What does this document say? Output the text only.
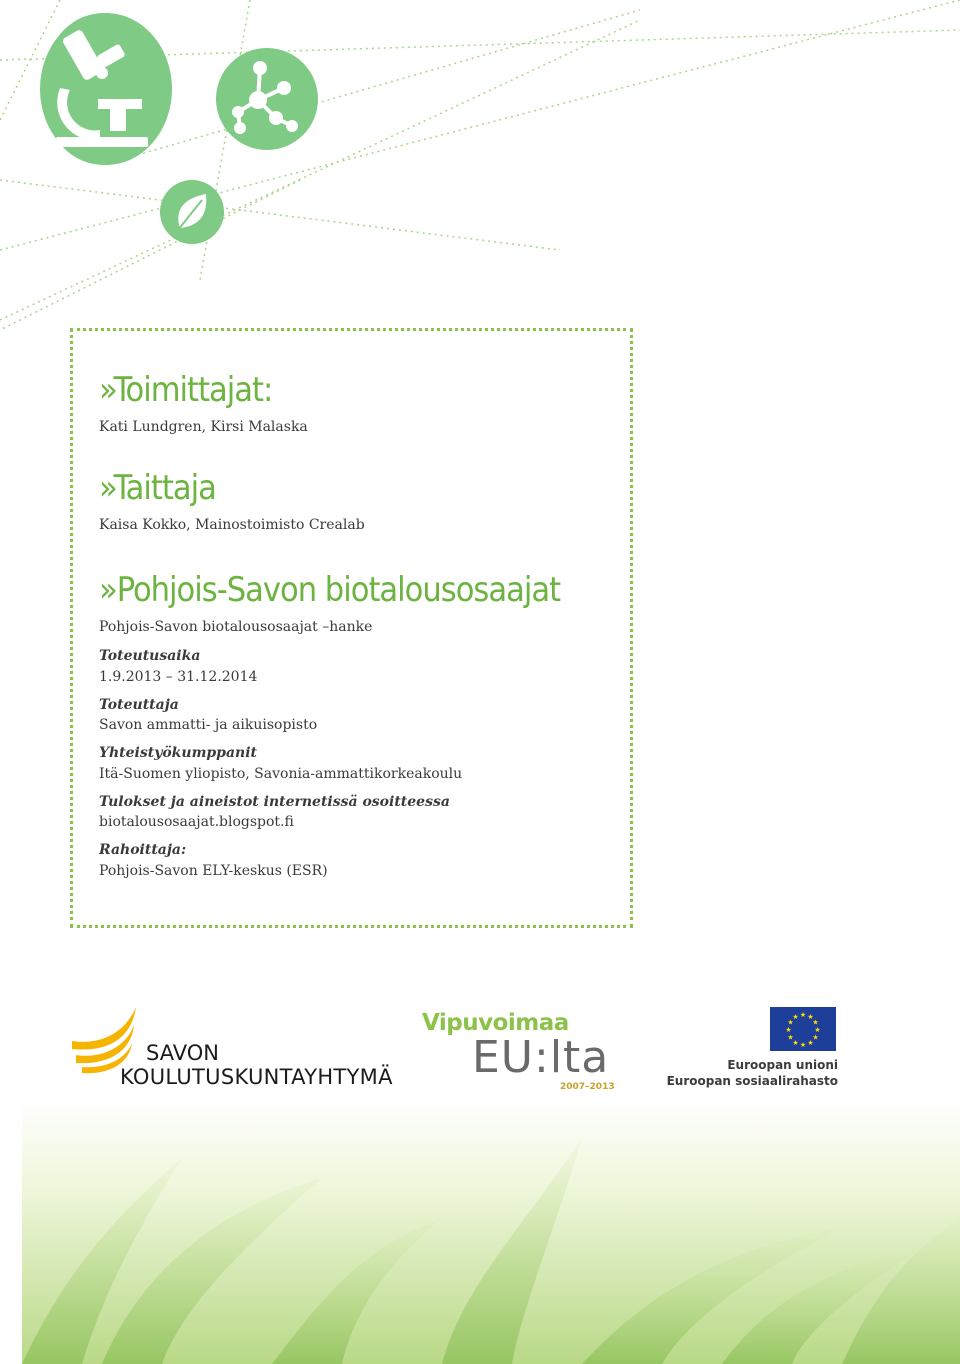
»Toimittajat:
Kati Lundgren, Kirsi Malaska
»Taittaja
Kaisa Kokko, Mainostoimisto Crealab
»Pohjois-Savon biotalousosaajat
Pohjois-Savon biotalousosaajat –hanke
Toteutusaika
1.9.2013 – 31.12.2014
Toteuttaja
Savon ammatti- ja aikuisopisto
Yhteistyökumppanit
Itä-Suomen yliopisto, Savonia-ammattikorkeakoulu
Tulokset ja aineistot internetissä osoitteessa
biotalousosaajat.blogspot.fi
Rahoittaja:
Pohjois-Savon ELY-keskus (ESR)
SAVON
KOULUTUSKUNTAYHTYMÄ
Vipuvoimaa
EU:lta
2007–2013
★ ★
★
★
★
★
★
★
★
★
★
★
Euroopan unioni
Euroopan sosiaalirahasto
